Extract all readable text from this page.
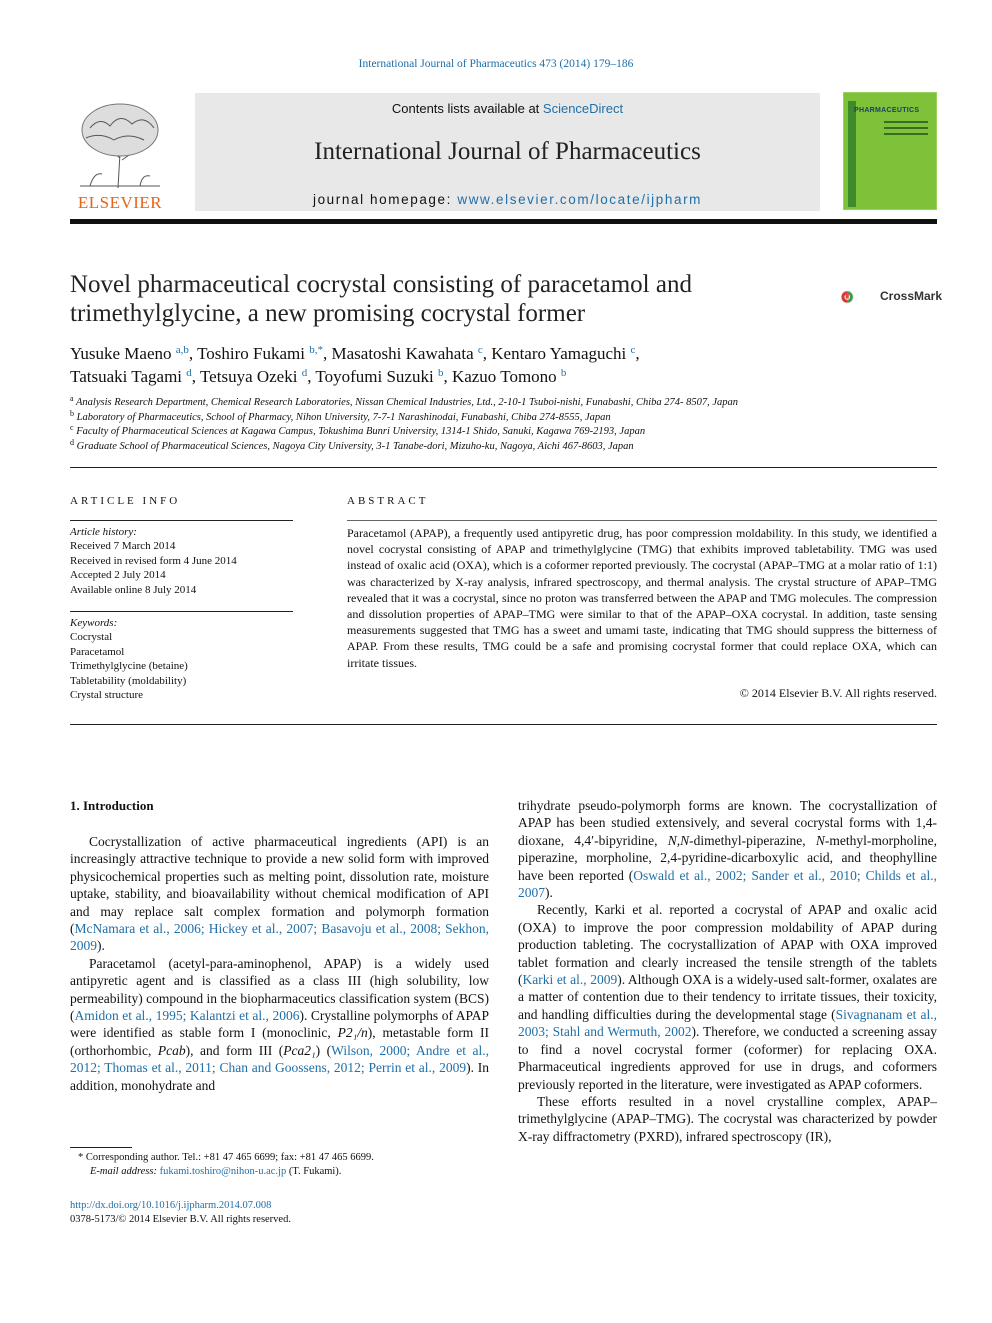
International Journal of Pharmaceutics 473 (2014) 179–186
ELSEVIER
Contents lists available at ScienceDirect
International Journal of Pharmaceutics
journal homepage: www.elsevier.com/locate/ijpharm
PHARMACEUTICS
Novel pharmaceutical cocrystal consisting of paracetamol and trimethylglycine, a new promising cocrystal former
CrossMark
Yusuke Maeno $^{a,b}$, Toshiro Fukami $^{b,*}$, Masatoshi Kawahata $^c$, Kentaro Yamaguchi $^c$,
Tatsuaki Tagami $^d$, Tetsuya Ozeki $^d$, Toyofumi Suzuki $^b$, Kazuo Tomono $^b$
$^a$ Analysis Research Department, Chemical Research Laboratories, Nissan Chemical Industries, Ltd., 2-10-1 Tsuboi-nishi, Funabashi, Chiba 274- 8507, Japan
$^b$ Laboratory of Pharmaceutics, School of Pharmacy, Nihon University, 7-7-1 Narashinodai, Funabashi, Chiba 274-8555, Japan
$^c$ Faculty of Pharmaceutical Sciences at Kagawa Campus, Tokushima Bunri University, 1314-1 Shido, Sanuki, Kagawa 769-2193, Japan
$^d$ Graduate School of Pharmaceutical Sciences, Nagoya City University, 3-1 Tanabe-dori, Mizuho-ku, Nagoya, Aichi 467-8603, Japan
ARTICLE INFO
Article history:
Received 7 March 2014
Received in revised form 4 June 2014
Accepted 2 July 2014
Available online 8 July 2014
Keywords:
Cocrystal
Paracetamol
Trimethylglycine (betaine)
Tabletability (moldability)
Crystal structure
ABSTRACT
Paracetamol (APAP), a frequently used antipyretic drug, has poor compression moldability. In this study, we identified a novel cocrystal consisting of APAP and trimethylglycine (TMG) that exhibits improved tabletability. TMG was used instead of oxalic acid (OXA), which is a coformer reported previously. The cocrystal (APAP–TMG at a molar ratio of 1:1) was characterized by X-ray analysis, infrared spectroscopy, and thermal analysis. The crystal structure of APAP–TMG revealed that it was a cocrystal, since no proton was transferred between the APAP and TMG molecules. The compression and dissolution properties of APAP–TMG were similar to that of the APAP–OXA cocrystal. In addition, taste sensing measurements suggested that TMG has a sweet and umami taste, indicating that TMG should suppress the bitterness of APAP. From these results, TMG could be a safe and promising cocrystal former that could replace OXA, which can irritate tissues.
© 2014 Elsevier B.V. All rights reserved.
1. Introduction

Cocrystallization of active pharmaceutical ingredients (API) is an increasingly attractive technique to provide a new solid form with improved physicochemical properties such as melting point, dissolution rate, moisture uptake, stability, and bioavailability without chemical modification of API and may replace salt complex formation and polymorph formation (McNamara et al., 2006; Hickey et al., 2007; Basavoju et al., 2008; Sekhon, 2009).

Paracetamol (acetyl-para-aminophenol, APAP) is a widely used antipyretic agent and is classified as a class III (high solubility, low permeability) compound in the biopharmaceutics classification system (BCS) (Amidon et al., 1995; Kalantzi et al., 2006). Crystalline polymorphs of APAP were identified as stable form I (monoclinic, P2₁/n), metastable form II (orthorhombic, Pcab), and form III (Pca2₁) (Wilson, 2000; Andre et al., 2012; Thomas et al., 2011; Chan and Goossens, 2012; Perrin et al., 2009). In addition, monohydrate and

trihydrate pseudo-polymorph forms are known. The cocrystallization of APAP has been studied extensively, and several cocrystal forms with 1,4-dioxane, 4,4′-bipyridine, N,N-dimethyl-piperazine, N-methyl-morpholine, piperazine, morpholine, 2,4-pyridine-dicarboxylic acid, and theophylline have been reported (Oswald et al., 2002; Sander et al., 2010; Childs et al., 2007).

Recently, Karki et al. reported a cocrystal of APAP and oxalic acid (OXA) to improve the poor compression moldability of APAP during production tableting. The cocrystallization of APAP with OXA improved tablet formation and clearly increased the tensile strength of the tablets (Karki et al., 2009). Although OXA is a widely-used salt-former, oxalates are a matter of contention due to their tendency to irritate tissues, their toxicity, and handling difficulties during the developmental stage (Sivagnanam et al., 2003; Stahl and Wermuth, 2002). Therefore, we conducted a screening assay to find a novel cocrystal former (coformer) for replacing OXA. Pharmaceutical ingredients approved for use in drugs, and coformers previously reported in the literature, were investigated as APAP coformers.

These efforts resulted in a novel crystalline complex, APAP–trimethylglycine (APAP–TMG). The cocrystal was characterized by powder X-ray diffractometry (PXRD), infrared spectroscopy (IR),

* Corresponding author. Tel.: +81 47 465 6699; fax: +81 47 465 6699.
E-mail address: fukami.toshiro@nihon-u.ac.jp (T. Fukami).
http://dx.doi.org/10.1016/j.ijpharm.2014.07.008
0378-5173/© 2014 Elsevier B.V. All rights reserved.
